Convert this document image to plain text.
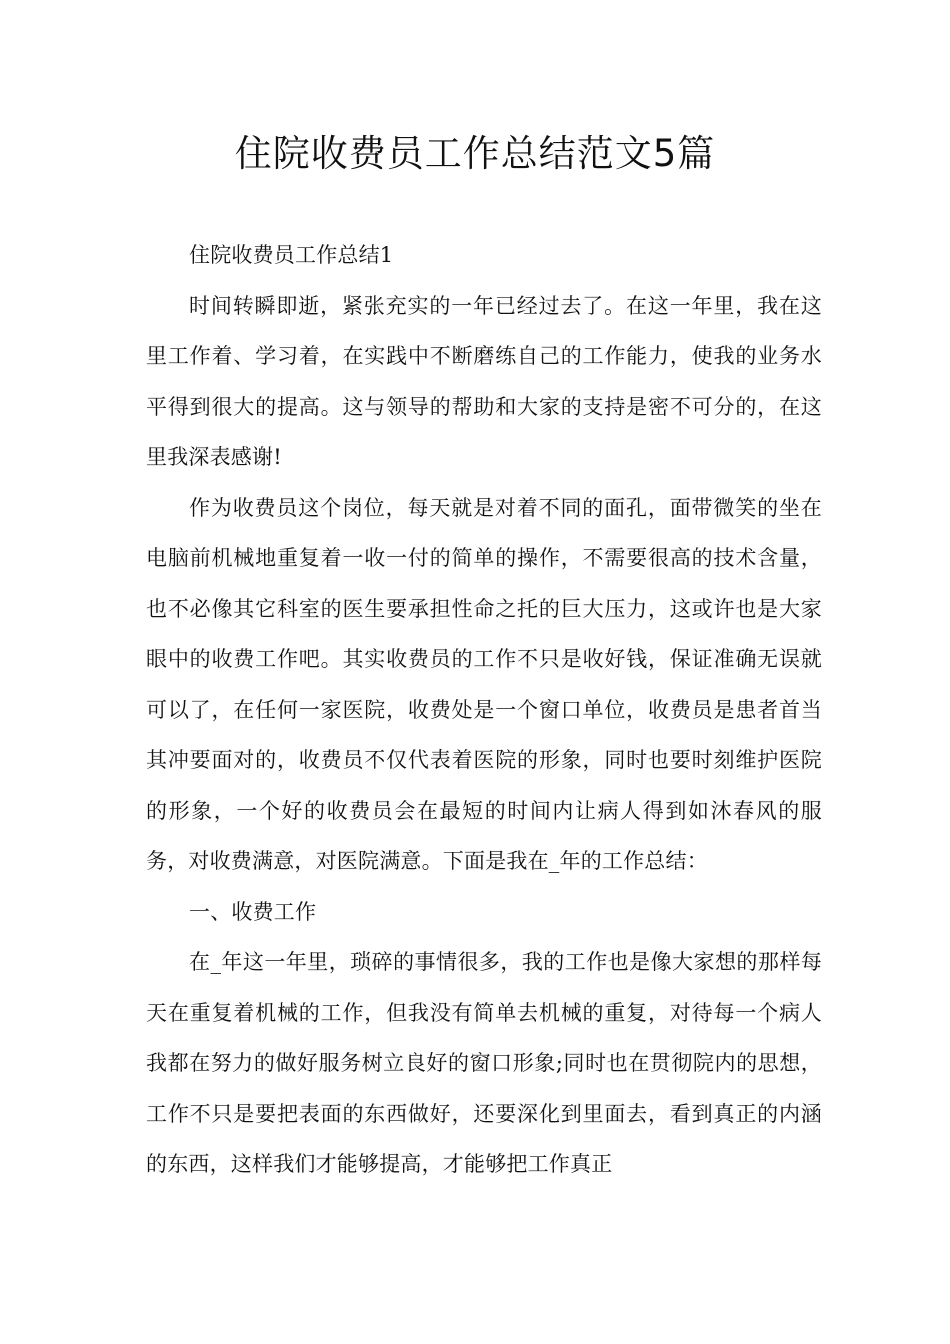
住院收费员工作总结范文5篇

住院收费员工作总结1

时间转瞬即逝，紧张充实的一年已经过去了。在这一年里，我在这里工作着、学习着，在实践中不断磨练自己的工作能力，使我的业务水平得到很大的提高。这与领导的帮助和大家的支持是密不可分的，在这里我深表感谢!

作为收费员这个岗位，每天就是对着不同的面孔，面带微笑的坐在电脑前机械地重复着一收一付的简单的操作，不需要很高的技术含量，也不必像其它科室的医生要承担性命之托的巨大压力，这或许也是大家眼中的收费工作吧。其实收费员的工作不只是收好钱，保证准确无误就可以了，在任何一家医院，收费处是一个窗口单位，收费员是患者首当其冲要面对的，收费员不仅代表着医院的形象，同时也要时刻维护医院的形象，一个好的收费员会在最短的时间内让病人得到如沐春风的服务，对收费满意，对医院满意。下面是我在_年的工作总结：

一、收费工作

在_年这一年里，琐碎的事情很多，我的工作也是像大家想的那样每天在重复着机械的工作，但我没有简单去机械的重复，对待每一个病人我都在努力的做好服务树立良好的窗口形象;同时也在贯彻院内的思想，工作不只是要把表面的东西做好，还要深化到里面去，看到真正的内涵的东西，这样我们才能够提高，才能够把工作真正
